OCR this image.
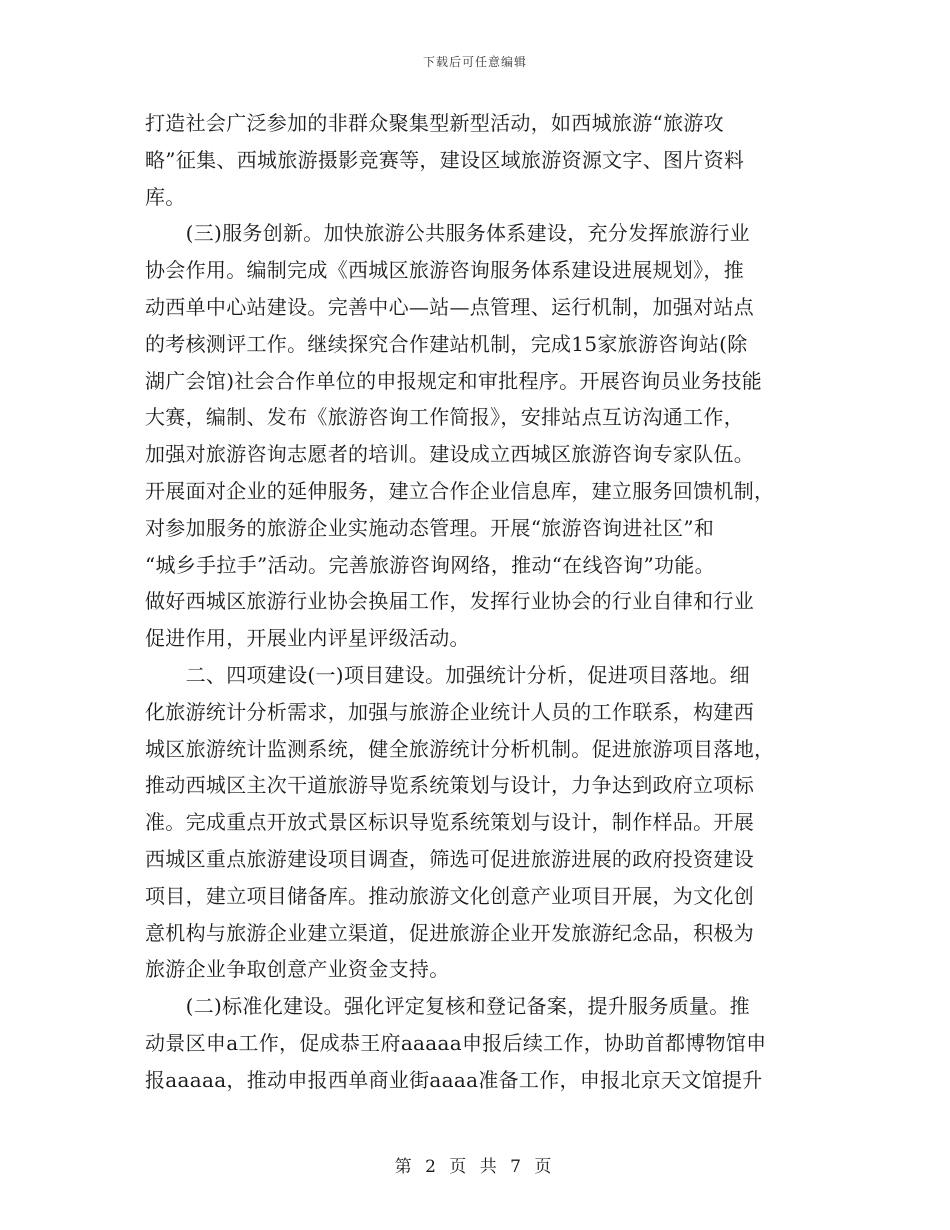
下载后可任意编辑
打造社会广泛参加的非群众聚集型新型活动，如西城旅游“旅游攻
略”征集、西城旅游摄影竞赛等，建设区域旅游资源文字、图片资料
库。
　　(三)服务创新。加快旅游公共服务体系建设，充分发挥旅游行业
协会作用。编制完成《西城区旅游咨询服务体系建设进展规划》，推
动西单中心站建设。完善中心—站—点管理、运行机制，加强对站点
的考核测评工作。继续探究合作建站机制，完成15家旅游咨询站(除
湖广会馆)社会合作单位的申报规定和审批程序。开展咨询员业务技能
大赛，编制、发布《旅游咨询工作简报》，安排站点互访沟通工作，
加强对旅游咨询志愿者的培训。建设成立西城区旅游咨询专家队伍。
开展面对企业的延伸服务，建立合作企业信息库，建立服务回馈机制，
对参加服务的旅游企业实施动态管理。开展“旅游咨询进社区”和
“城乡手拉手”活动。完善旅游咨询网络，推动“在线咨询”功能。
做好西城区旅游行业协会换届工作，发挥行业协会的行业自律和行业
促进作用，开展业内评星评级活动。
　　二、四项建设(一)项目建设。加强统计分析，促进项目落地。细
化旅游统计分析需求，加强与旅游企业统计人员的工作联系，构建西
城区旅游统计监测系统，健全旅游统计分析机制。促进旅游项目落地，
推动西城区主次干道旅游导览系统策划与设计，力争达到政府立项标
准。完成重点开放式景区标识导览系统策划与设计，制作样品。开展
西城区重点旅游建设项目调查，筛选可促进旅游进展的政府投资建设
项目，建立项目储备库。推动旅游文化创意产业项目开展，为文化创
意机构与旅游企业建立渠道，促进旅游企业开发旅游纪念品，积极为
旅游企业争取创意产业资金支持。
　　(二)标准化建设。强化评定复核和登记备案，提升服务质量。推
动景区申a工作，促成恭王府aaaaa申报后续工作，协助首都博物馆申
报aaaaa，推动申报西单商业街aaaa准备工作，申报北京天文馆提升
第 2 页 共 7 页
